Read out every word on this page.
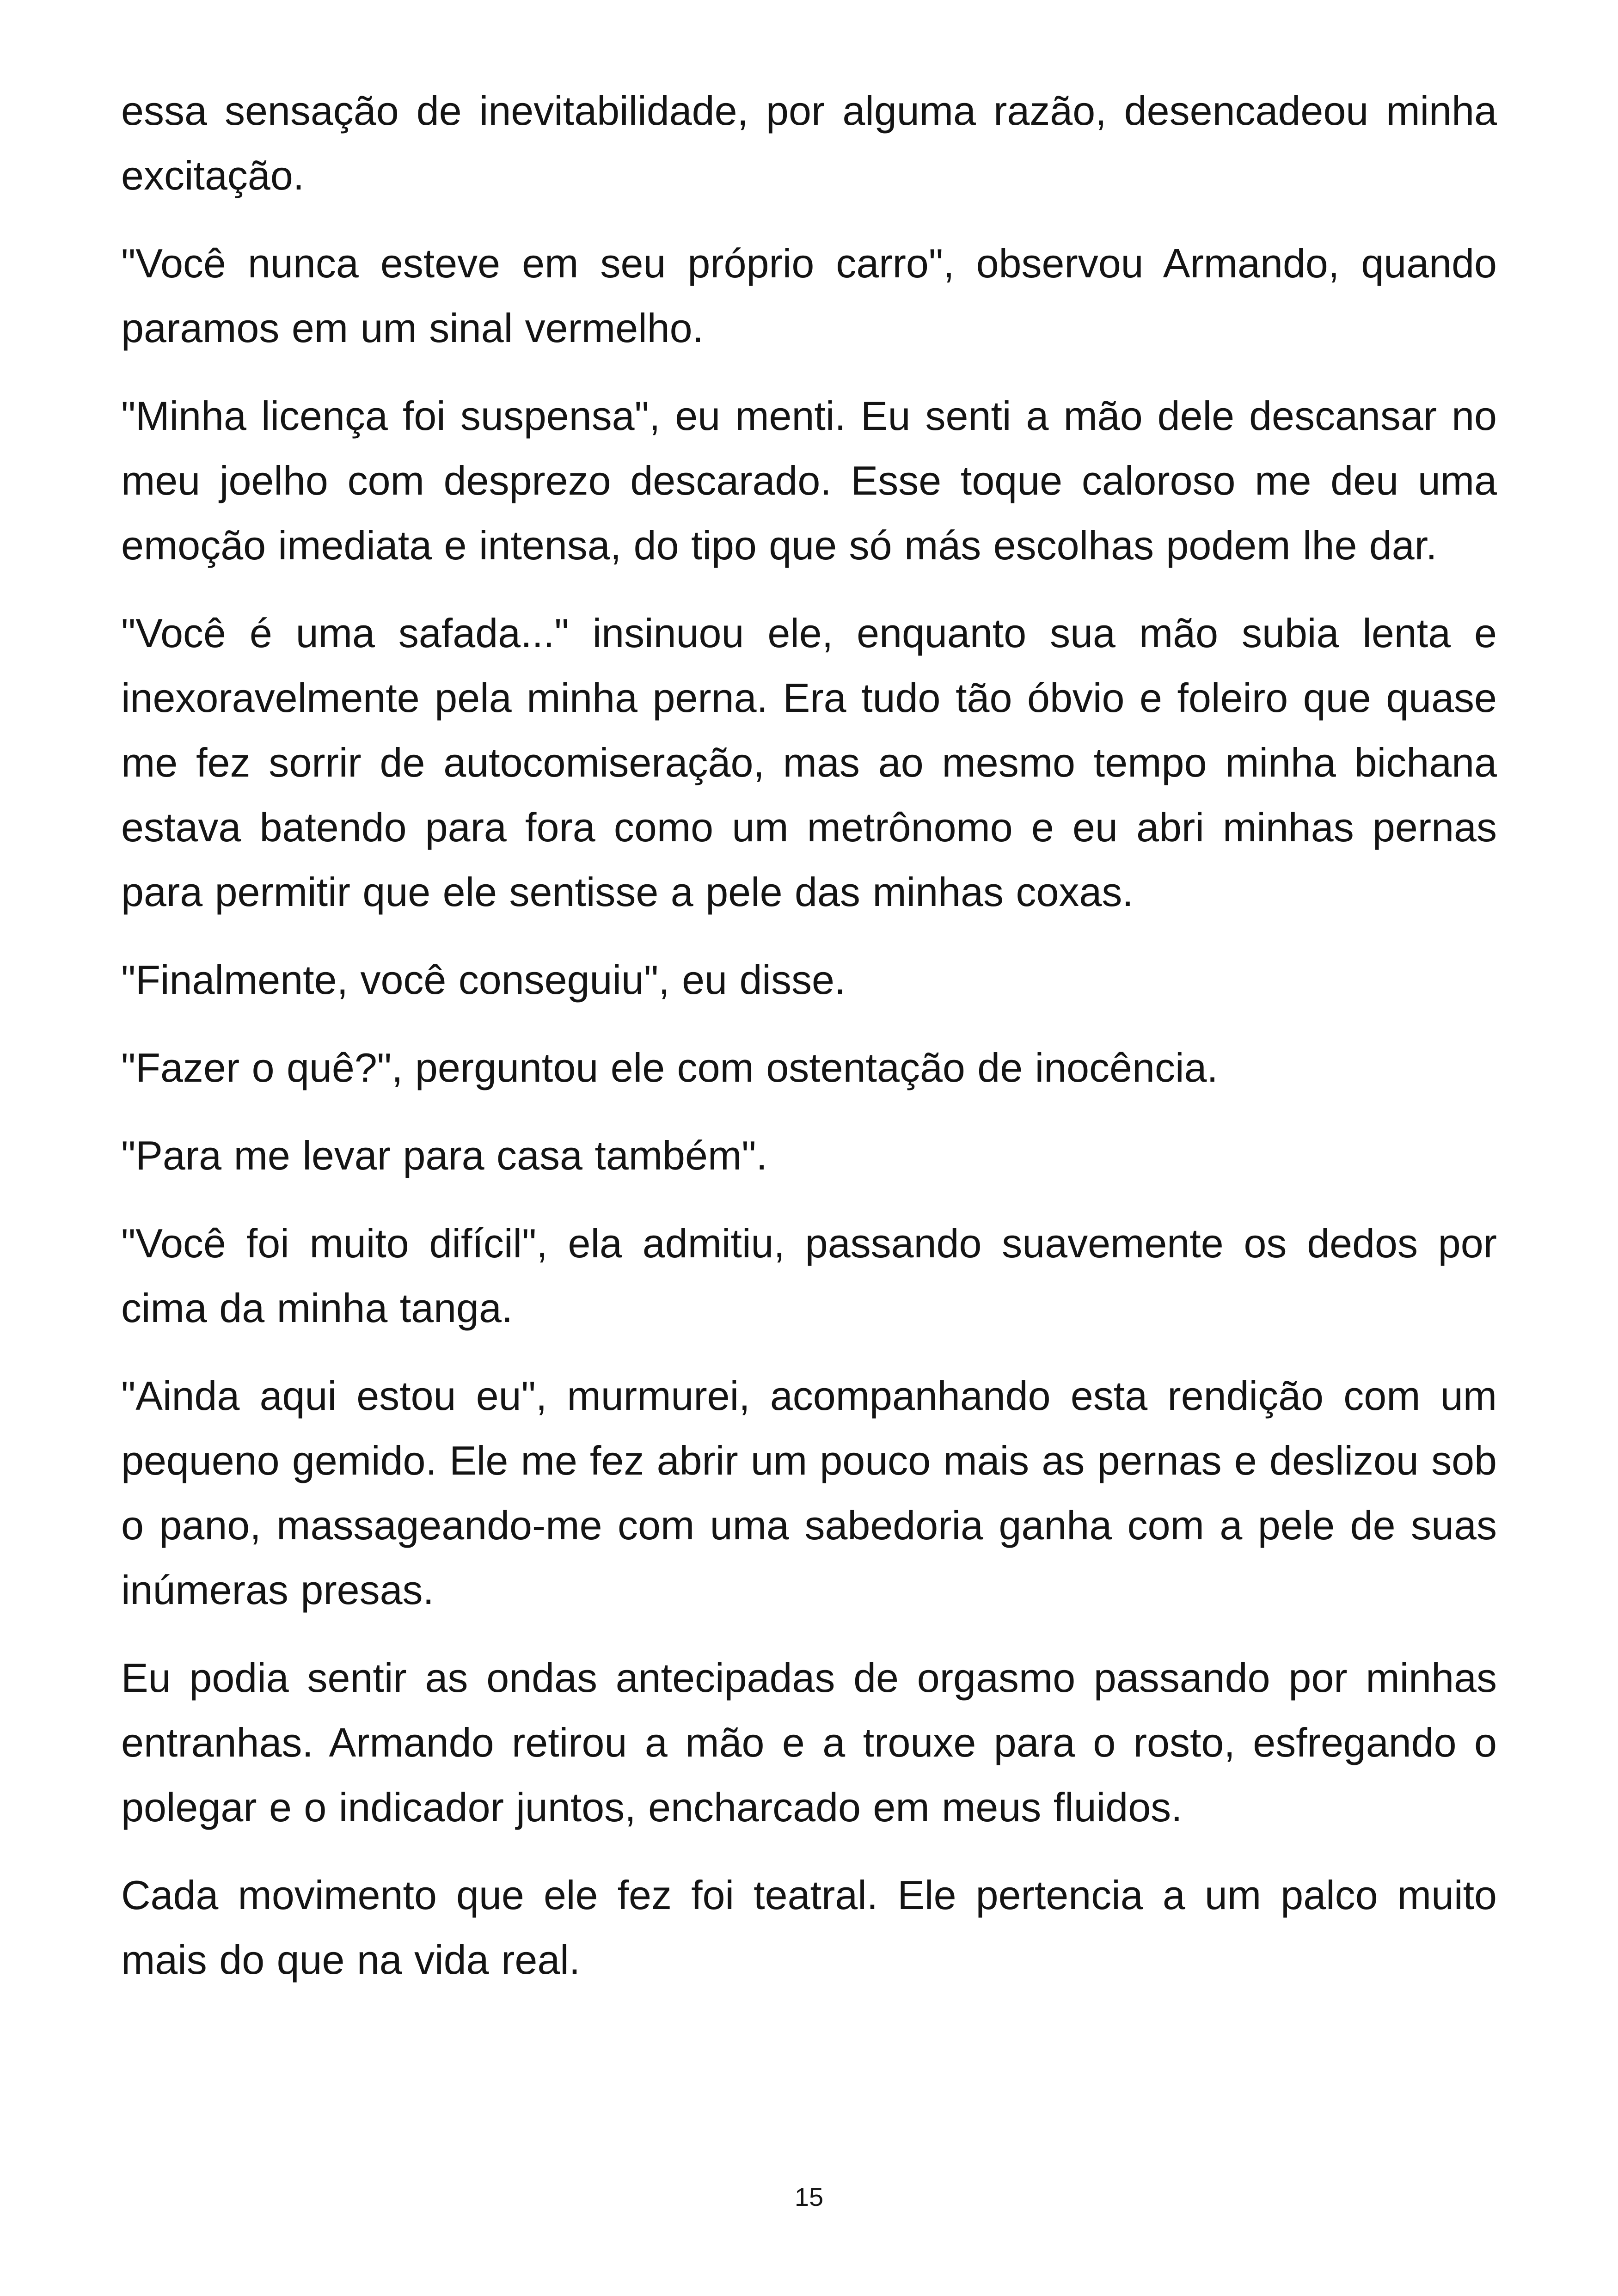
essa sensação de inevitabilidade, por alguma razão, desencadeou minha excitação.

"Você nunca esteve em seu próprio carro", observou Armando, quando paramos em um sinal vermelho.

"Minha licença foi suspensa", eu menti. Eu senti a mão dele descansar no meu joelho com desprezo descarado. Esse toque caloroso me deu uma emoção imediata e intensa, do tipo que só más escolhas podem lhe dar.

"Você é uma safada..." insinuou ele, enquanto sua mão subia lenta e inexoravelmente pela minha perna. Era tudo tão óbvio e foleiro que quase me fez sorrir de autocomiseração, mas ao mesmo tempo minha bichana estava batendo para fora como um metrônomo e eu abri minhas pernas para permitir que ele sentisse a pele das minhas coxas.

"Finalmente, você conseguiu", eu disse.

"Fazer o quê?", perguntou ele com ostentação de inocência.

"Para me levar para casa também".

"Você foi muito difícil", ela admitiu, passando suavemente os dedos por cima da minha tanga.

"Ainda aqui estou eu", murmurei, acompanhando esta rendição com um pequeno gemido. Ele me fez abrir um pouco mais as pernas e deslizou sob o pano, massageando-me com uma sabedoria ganha com a pele de suas inúmeras presas.

Eu podia sentir as ondas antecipadas de orgasmo passando por minhas entranhas. Armando retirou a mão e a trouxe para o rosto, esfregando o polegar e o indicador juntos, encharcado em meus fluidos.

Cada movimento que ele fez foi teatral. Ele pertencia a um palco muito mais do que na vida real.

15
